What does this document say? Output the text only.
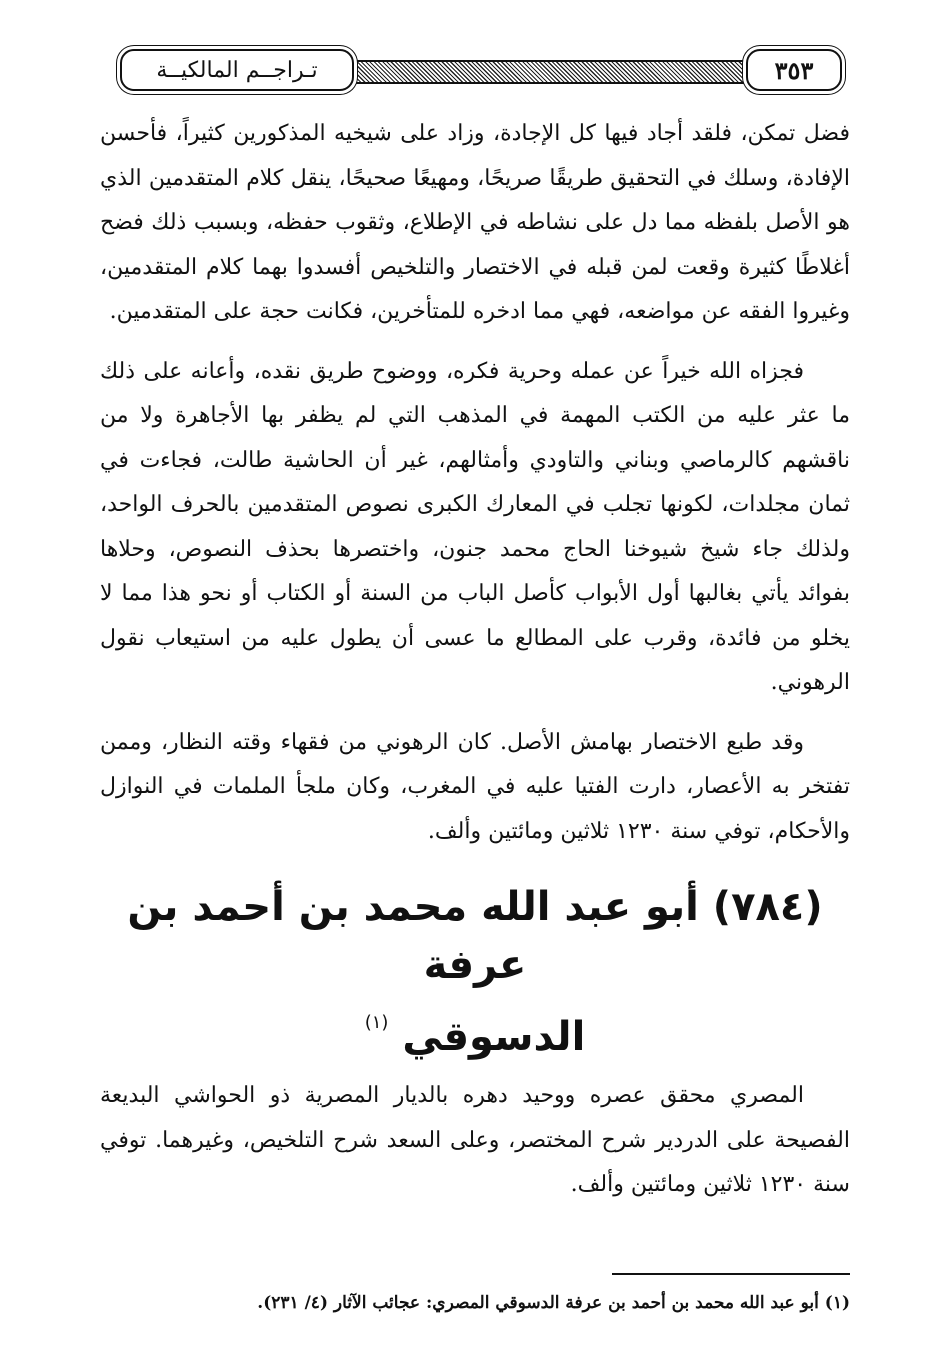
تـراجــم المالكيــة	٣٥٣

فضل تمكن، فلقد أجاد فيها كل الإجادة، وزاد على شيخيه المذكورين كثيراً، فأحسن الإفادة، وسلك في التحقيق طريقًا صريحًا، ومهيعًا صحيحًا، ينقل كلام المتقدمين الذي هو الأصل بلفظه مما دل على نشاطه في الإطلاع، وثقوب حفظه، وبسبب ذلك فضح أغلاطًا كثيرة وقعت لمن قبله في الاختصار والتلخيص أفسدوا بهما كلام المتقدمين، وغيروا الفقه عن مواضعه، فهي مما ادخره للمتأخرين، فكانت حجة على المتقدمين.

فجزاه الله خيراً عن عمله وحرية فكره، ووضوح طريق نقده، وأعانه على ذلك ما عثر عليه من الكتب المهمة في المذهب التي لم يظفر بها الأجاهرة ولا من ناقشهم كالرماصي وبناني والتاودي وأمثالهم، غير أن الحاشية طالت، فجاءت في ثمان مجلدات، لكونها تجلب في المعارك الكبرى نصوص المتقدمين بالحرف الواحد، ولذلك جاء شيخ شيوخنا الحاج محمد جنون، واختصرها بحذف النصوص، وحلاها بفوائد يأتي بغالبها أول الأبواب كأصل الباب من السنة أو الكتاب أو نحو هذا مما لا يخلو من فائدة، وقرب على المطالع ما عسى أن يطول عليه من استيعاب نقول الرهوني.

وقد طبع الاختصار بهامش الأصل. كان الرهوني من فقهاء وقته النظار، وممن تفتخر به الأعصار، دارت الفتيا عليه في المغرب، وكان ملجأ الملمات في النوازل والأحكام، توفي سنة ١٢٣٠ ثلاثين ومائتين وألف.

(٧٨٤) أبو عبد الله محمد بن أحمد بن عرفة
الدسوقي $^{(١)}$

المصري محقق عصره ووحيد دهره بالديار المصرية ذو الحواشي البديعة الفصيحة على الدردير شرح المختصر، وعلى السعد شرح التلخيص، وغيرهما. توفي سنة ١٢٣٠ ثلاثين ومائتين وألف.

(١) أبو عبد الله محمد بن أحمد بن عرفة الدسوقي المصري: عجائب الآثار (٤/ ٢٣١).
